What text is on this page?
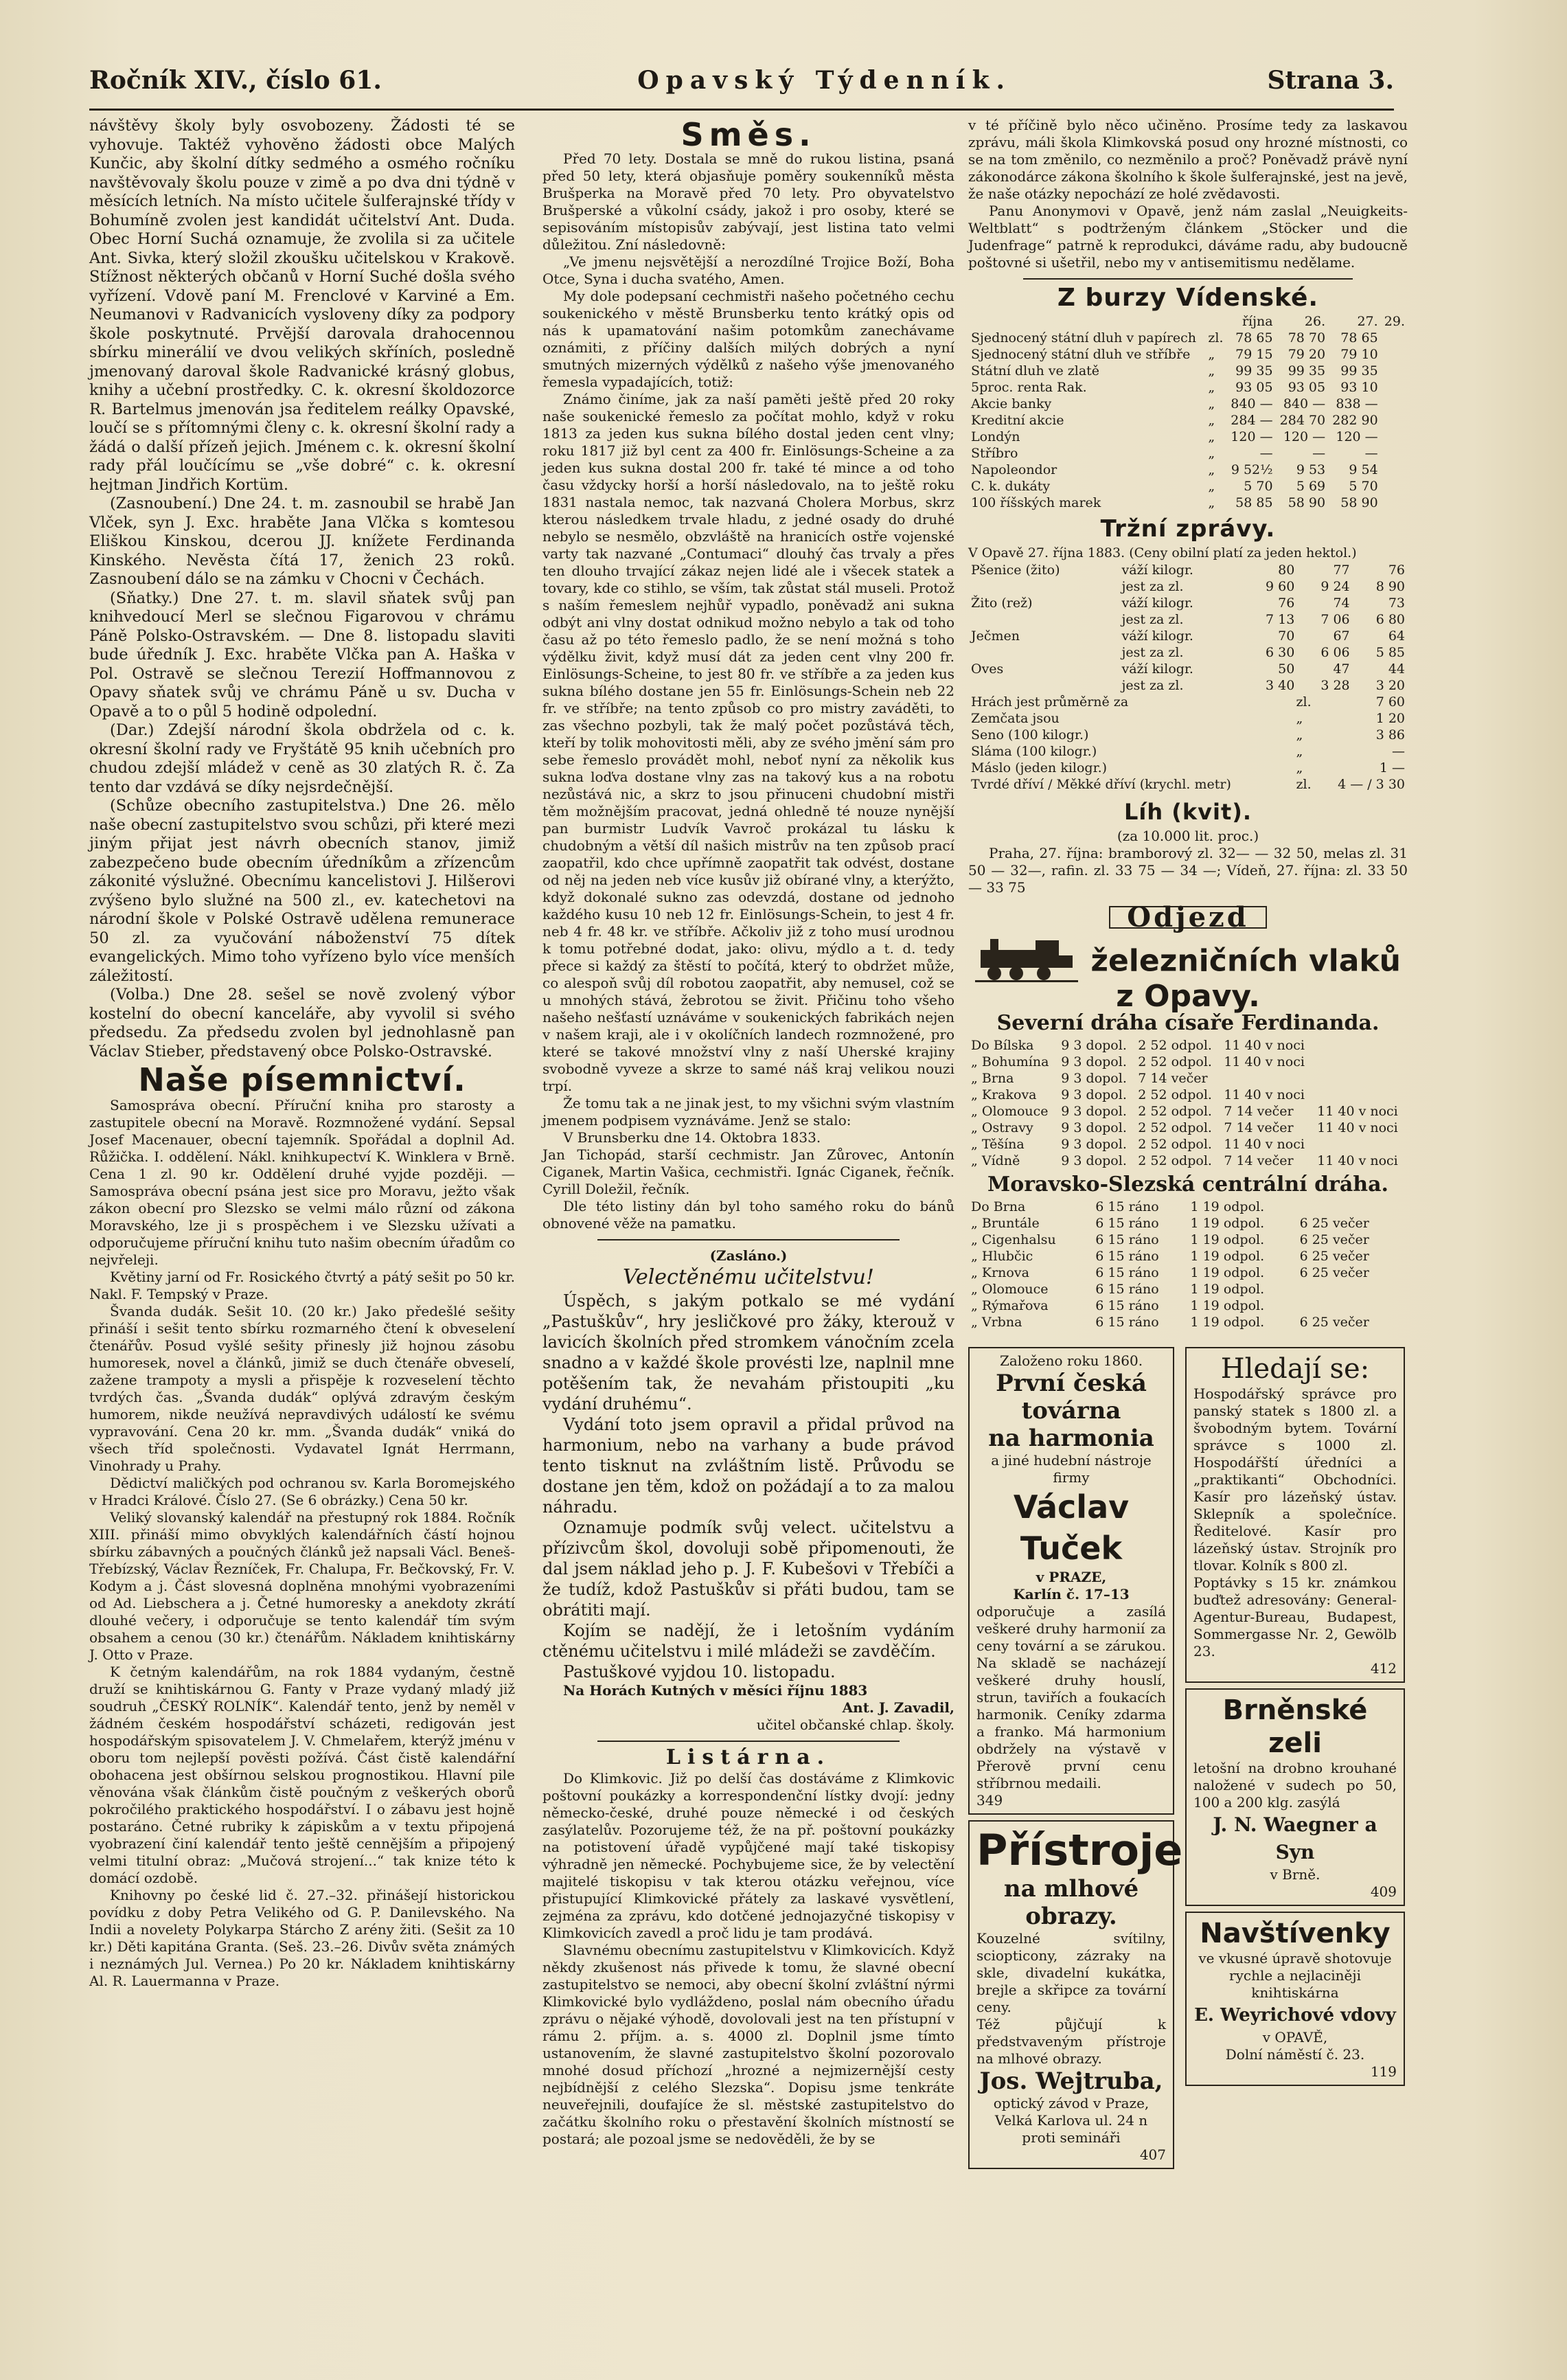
Ročník XIV., číslo 61.	Opavský Týdenník.	Strana 3.

návštěvy školy byly osvobozeny. Žádosti té se vyhovuje. Taktéž vyhověno žádosti obce Malých Kunčic, aby školní dítky sedmého a osmého ročníku navštěvovaly školu pouze v zimě a po dva dni týdně v měsících letních. Na místo učitele šulferajnské třídy v Bohumíně zvolen jest kandidát učitelství Ant. Duda. Obec Horní Suchá oznamuje, že zvolila si za učitele Ant. Sivka, který složil zkoušku učitelskou v Krakově. Stížnost některých občanů v Horní Suché došla svého vyřízení. Vdově paní M. Frenclové v Karviné a Em. Neumanovi v Radvanicích vysloveny díky za podpory škole poskytnuté. Prvější darovala drahocennou sbírku minerálií ve dvou velikých skříních, posledně jmenovaný daroval škole Radvanické krásný globus, knihy a učební prostředky. C. k. okresní školdozorce R. Bartelmus jmenován jsa ředitelem reálky Opavské, loučí se s přítomnými členy c. k. okresní školní rady a žádá o další přízeň jejich. Jménem c. k. okresní školní rady přál loučícímu se „vše dobré“ c. k. okresní hejtman Jindřich Kortüm.

(Zasnoubení.) Dne 24. t. m. zasnoubil se hrabě Jan Vlček, syn J. Exc. hraběte Jana Vlčka s komtesou Eliškou Kinskou, dcerou JJ. knížete Ferdinanda Kinského. Nevěsta čítá 17, ženich 23 roků. Zasnoubení dálo se na zámku v Chocni v Čechách.

(Sňatky.) Dne 27. t. m. slavil sňatek svůj pan knihvedoucí Merl se slečnou Figarovou v chrámu Páně Polsko-Ostravském. — Dne 8. listopadu slaviti bude úředník J. Exc. hraběte Vlčka pan A. Haška v Pol. Ostravě se slečnou Terezií Hoffmannovou z Opavy sňatek svůj ve chrámu Páně u sv. Ducha v Opavě a to o půl 5 hodině odpolední.

(Dar.) Zdejší národní škola obdržela od c. k. okresní školní rady ve Fryštátě 95 knih učebních pro chudou zdejší mládež v ceně as 30 zlatých R. č. Za tento dar vzdává se díky nejsrdečnější.

(Schůze obecního zastupitelstva.) Dne 26. mělo naše obecní zastupitelstvo svou schůzi, při které mezi jiným přijat jest návrh obecních stanov, jimiž zabezpečeno bude obecním úředníkům a zřízencům zákonité výslužné. Obecnímu kancelistovi J. Hilšerovi zvýšeno bylo služné na 500 zl., ev. katechetovi na národní škole v Polské Ostravě udělena remunerace 50 zl. za vyučování náboženství 75 dítek evangelických. Mimo toho vyřízeno bylo více menších záležitostí.

(Volba.) Dne 28. sešel se nově zvolený výbor kostelní do obecní kanceláře, aby vyvolil si svého předsedu. Za předsedu zvolen byl jednohlasně pan Václav Stieber, představený obce Polsko-Ostravské.

Naše písemnictví.

Samospráva obecní. Příruční kniha pro starosty a zastupitele obecní na Moravě. Rozmnožené vydání. Sepsal Josef Macenauer, obecní tajemník. Spořádal a doplnil Ad. Růžička. I. oddělení. Nákl. knihkupectví K. Winklera v Brně. Cena 1 zl. 90 kr. Oddělení druhé vyjde později. — Samospráva obecní psána jest sice pro Moravu, ježto však zákon obecní pro Slezsko se velmi málo různí od zákona Moravského, lze ji s prospěchem i ve Slezsku užívati a odporučujeme příruční knihu tuto našim obecním úřadům co nejvřeleji.

Květiny jarní od Fr. Rosického čtvrtý a pátý sešit po 50 kr. Nakl. F. Tempský v Praze.

Švanda dudák. Sešit 10. (20 kr.) Jako předešlé sešity přináší i sešit tento sbírku rozmarného čtení k obveselení čtenářův. Posud vyšlé sešity přinesly již hojnou zásobu humoresek, novel a článků, jimiž se duch čtenáře obveselí, zažene trampoty a mysli a přispěje k rozveselení těchto tvrdých čas. „Švanda dudák“ oplývá zdravým českým humorem, nikde neužívá nepravdivých událostí ke svému vypravování. Cena 20 kr. mm. „Švanda dudák“ vniká do všech tříd společnosti. Vydavatel Ignát Herrmann, Vinohrady u Prahy.

Dědictví maličkých pod ochranou sv. Karla Boromejského v Hradci Králové. Číslo 27. (Se 6 obrázky.) Cena 50 kr.

Veliký slovanský kalendář na přestupný rok 1884. Ročník XIII. přináší mimo obvyklých kalendářních částí hojnou sbírku zábavných a poučných článků jež napsali Václ. Beneš-Třebízský, Václav Řezníček, Fr. Chalupa, Fr. Bečkovský, Fr. V. Kodym a j. Část slovesná doplněna mnohými vyobrazeními od Ad. Liebschera a j. Četné humoresky a anekdoty zkrátí dlouhé večery, i odporučuje se tento kalendář tím svým obsahem a cenou (30 kr.) čtenářům. Nákladem knihtiskárny J. Otto v Praze.

K četným kalendářům, na rok 1884 vydaným, čestně druží se knihtiskárnou G. Fanty v Praze vydaný mladý již soudruh „ČESKÝ ROLNÍK“. Kalendář tento, jenž by neměl v žádném českém hospodářství scházeti, redigován jest hospodářským spisovatelem J. V. Chmelařem, kterýž jménu v oboru tom nejlepší pověsti požívá. Část čistě kalendářní obohacena jest obšírnou selskou prognostikou. Hlavní pile věnována však článkům čistě poučným z veškerých oborů pokročilého praktického hospodářství. I o zábavu jest hojně postaráno. Četné rubriky k zápiskům a v textu připojená vyobrazení činí kalendář tento ještě cennějším a připojený velmi titulní obraz: „Mučová strojení...“ tak knize této k domácí ozdobě.

Knihovny po české lid č. 27.–32. přinášejí historickou povídku z doby Petra Velikého od G. P. Danilevského. Na Indii a novelety Polykarpa Stárcho Z arény žiti. (Sešit za 10 kr.) Děti kapitána Granta. (Seš. 23.–26. Divův světa známých i neznámých Jul. Vernea.) Po 20 kr. Nákladem knihtiskárny Al. R. Lauermanna v Praze.

Směs.

Před 70 lety. Dostala se mně do rukou listina, psaná před 50 lety, která objasňuje poměry soukenníků města Brušperka na Moravě před 70 lety. Pro obyvatelstvo Brušperské a vůkolní csády, jakož i pro osoby, které se sepisováním místopisův zabývají, jest listina tato velmi důležitou. Zní následovně:

„Ve jmenu nejsvětější a nerozdílné Trojice Boží, Boha Otce, Syna i ducha svatého, Amen.

My dole podepsaní cechmistři našeho početného cechu soukenického v městě Brunsberku tento krátký opis od nás k upamatování našim potomkům zanechávame oznámiti, z příčiny dalších milých dobrých a nyní smutných mizerných výdělků z našeho výše jmenovaného řemesla vypadajících, totiž:

Známo činíme, jak za naší paměti ještě před 20 roky naše soukenické řemeslo za počítat mohlo, když v roku 1813 za jeden kus sukna bílého dostal jeden cent vlny; roku 1817 již byl cent za 400 fr. Einlösungs-Scheine a za jeden kus sukna dostal 200 fr. také té mince a od toho času vždycky horší a horší následovalo, na to ještě roku 1831 nastala nemoc, tak nazvaná Cholera Morbus, skrz kterou následkem trvale hladu, z jedné osady do druhé nebylo se nesmělo, obzvláště na hranicích ostře vojenské varty tak nazvané „Contumaci“ dlouhý čas trvaly a přes ten dlouho trvající zákaz nejen lidé ale i všecek statek a tovary, kde co stihlo, se vším, tak zůstat stál museli. Protož s naším řemeslem nejhůř vypadlo, poněvadž ani sukna odbýt ani vlny dostat odnikud možno nebylo a tak od toho času až po této řemeslo padlo, že se není možná s toho výdělku živit, když musí dát za jeden cent vlny 200 fr. Einlösungs-Scheine, to jest 80 fr. ve stříbře a za jeden kus sukna bílého dostane jen 55 fr. Einlösungs-Schein neb 22 fr. ve stříbře; na tento způsob co pro mistry zaváděti, to zas všechno pozbyli, tak že malý počet pozůstává těch, kteří by tolik mohovitosti měli, aby ze svého jmění sám pro sebe řemeslo provádět mohl, neboť nyní za několik kus sukna loďva dostane vlny zas na takový kus a na robotu nezůstává nic, a skrz to jsou přinuceni chudobní mistři těm možnějším pracovat, jedná ohledně té nouze nynější pan burmistr Ludvík Vavroč prokázal tu lásku k chudobným a větší díl našich mistrův na ten způsob prací zaopatřil, kdo chce upřímně zaopatřit tak odvést, dostane od něj na jeden neb více kusův již obírané vlny, a kterýžto, když dokonalé sukno zas odevzdá, dostane od jednoho každého kusu 10 neb 12 fr. Einlösungs-Schein, to jest 4 fr. neb 4 fr. 48 kr. ve stříbře. Ačkoliv již z toho musí urodnou k tomu potřebné dodat, jako: olivu, mýdlo a t. d. tedy přece si každý za štěstí to počítá, který to obdržet může, co alespoň svůj díl robotou zaopatřit, aby nemusel, což se u mnohých stává, žebrotou se živit. Přičinu toho všeho našeho nešťastí uznáváme v soukenických fabrikách nejen v našem kraji, ale i v okolíčních landech rozmnožené, pro které se takové množství vlny z naší Uherské krajiny svobodně vyveze a skrze to samé náš kraj velikou nouzi trpí.

Že tomu tak a ne jinak jest, to my všichni svým vlastním jmenem podpisem vyznáváme. Jenž se stalo:

V Brunsberku dne 14. Oktobra 1833.

Jan Tichopád, starší cechmistr. Jan Zůrovec, Antonín Ciganek, Martin Vašica, cechmistři. Ignác Ciganek, řečník. Cyrill Doležil, řečník.

Dle této listiny dán byl toho samého roku do bánů obnovené věže na pamatku.

(Zasláno.)

Velectěnému učitelstvu!

Úspěch, s jakým potkalo se mé vydání „Pastuškův“, hry jesličkové pro žáky, kterouž v lavicích školních před stromkem vánočním zcela snadno a v každé škole provésti lze, naplnil mne potěšením tak, že nevahám přistoupiti „ku vydání druhému“.

Vydání toto jsem opravil a přidal průvod na harmonium, nebo na varhany a bude právod tento tisknut na zvláštním listě. Průvodu se dostane jen těm, kdož on požádají a to za malou náhradu.

Oznamuje podmík svůj velect. učitelstvu a přízivcům škol, dovoluji sobě připomenouti, že dal jsem náklad jeho p. J. F. Kubešovi v Třebíči a že tudíž, kdož Pastuškův si přáti budou, tam se obrátiti mají.

Kojím se nadějí, že i letošním vydáním ctěnému učitelstvu i milé mládeži se zavděčím.

Pastuškové vyjdou 10. listopadu.

Na Horách Kutných v měsíci říjnu 1883

Ant. J. Zavadil,

učitel občanské chlap. školy.

Listárna.

Do Klimkovic. Již po delší čas dostáváme z Klimkovic poštovní poukázky a korrespondenční lístky dvojí: jedny německo-české, druhé pouze německé i od českých zasýlatelův. Pozorujeme též, že na př. poštovní poukázky na potistovení úřadě vypůjčené mají také tiskopisy výhradně jen německé. Pochybujeme sice, že by velectění majitelé tiskopisu v tak kterou otázku veřejnou, více přistupující Klimkovické přátely za laskavé vysvětlení, zejména za zprávu, kdo dotčené jednojazyčné tiskopisy v Klimkovicích zavedl a proč lidu je tam prodává.

Slavnému obecnímu zastupitelstvu v Klimkovicích. Když někdy zkušenost nás přivede k tomu, že slavné obecní zastupitelstvo se nemoci, aby obecní školní zvláštní nýrmi Klimkovické bylo vydláždeno, poslal nám obecního úřadu zprávu o nějaké výhodě, dovolovali jest na ten přístupní v rámu 2. příjm. a. s. 4000 zl. Doplnil jsme tímto ustanovením, že slavné zastupitelstvo školní pozorovalo mnohé dosud příchozí „hrozné a nejmizernější cesty nejbídnější z celého Slezska“. Dopisu jsme tenkráte neuveřejnili, doufajíce že sl. městské zastupitelstvo do začátku školního roku o přestavění školních místností se postará; ale pozoal jsme se nedověděli, že by se

v té příčině bylo něco učiněno. Prosíme tedy za laskavou zprávu, máli škola Klimkovská posud ony hrozné místnosti, co se na tom změnilo, co nezměnilo a proč? Poněvadž právě nyní zákonodárce zákona školního k škole šulferajnské, jest na jevě, že naše otázky nepochází ze holé zvědavosti.

Panu Anonymovi v Opavě, jenž nám zaslal „Neuigkeits-Weltblatt“ s podtrženým článkem „Stöcker und die Judenfrage“ patrně k reprodukci, dáváme radu, aby budoucně poštovné si ušetřil, nebo my v antisemitismu nedělame.

Z burzy Vídenské.
		října	26.	27.	29.
Sjednocený státní dluh v papírech	zl.	78 65	78 70	78 65	
Sjednocený státní dluh ve stříbře	„	79 15	79 20	79 10	
Státní dluh ve zlatě	„	99 35	99 35	99 35	
5proc. renta Rak.	„	93 05	93 05	93 10	
Akcie banky	„	840 —	840 —	838 —	
Kreditní akcie	„	284 —	284 70	282 90	
Londýn	„	120 —	120 —	120 —	
Stříbro	„	—	—	—	
Napoleondor	„	9 52½	9 53	9 54	
C. k. dukáty	„	5 70	5 69	5 70	
100 říšských marek	„	58 85	58 90	58 90	
Tržní zprávy.

V Opavě 27. října 1883. (Ceny obilní platí za jeden hektol.)

Pšenice (žito)	váží kilogr.	80	77	76
	jest za zl.	9 60	9 24	8 90
Žito (rež)	váží kilogr.	76	74	73
	jest za zl.	7 13	7 06	6 80
Ječmen	váží kilogr.	70	67	64
	jest za zl.	6 30	6 06	5 85
Oves	váží kilogr.	50	47	44
	jest za zl.	3 40	3 28	3 20
Hrách jest průměrně za	zl.	7 60
Zemčata jsou	„	1 20
Seno (100 kilogr.)	„	3 86
Sláma (100 kilogr.)	„	—
Máslo (jeden kilogr.)	„	1 —
Tvrdé dříví / Měkké dříví (krychl. metr)	zl.	4 — / 3 30
Líh (kvit).

(za 10.000 lit. proc.)

Praha, 27. října: bramborový zl. 32— — 32 50, melas zl. 31 50 — 32—, rafin. zl. 33 75 — 34 —; Vídeň, 27. října: zl. 33 50 — 33 75

Odjezd
železničních vlaků z Opavy.
Severní dráha císaře Ferdinanda.
Do Bílska	9 3 dopol.	2 52 odpol.	11 40 v noci	
„ Bohumína	9 3 dopol.	2 52 odpol.	11 40 v noci	
„ Brna	9 3 dopol.	7 14 večer		
„ Krakova	9 3 dopol.	2 52 odpol.	11 40 v noci	
„ Olomouce	9 3 dopol.	2 52 odpol.	7 14 večer	11 40 v noci
„ Ostravy	9 3 dopol.	2 52 odpol.	7 14 večer	11 40 v noci
„ Těšína	9 3 dopol.	2 52 odpol.	11 40 v noci	
„ Vídně	9 3 dopol.	2 52 odpol.	7 14 večer	11 40 v noci
Moravsko-Slezská centrální dráha.
Do Brna	6 15 ráno	1 19 odpol.		
„ Bruntále	6 15 ráno	1 19 odpol.	6 25 večer	
„ Cigenhalsu	6 15 ráno	1 19 odpol.	6 25 večer	
„ Hlubčic	6 15 ráno	1 19 odpol.	6 25 večer	
„ Krnova	6 15 ráno	1 19 odpol.	6 25 večer	
„ Olomouce	6 15 ráno	1 19 odpol.		
„ Rýmařova	6 15 ráno	1 19 odpol.		
„ Vrbna	6 15 ráno	1 19 odpol.	6 25 večer	
Založeno roku 1860.
První česká továrna
na harmonia
a jiné hudební nástroje
firmy
Václav Tuček
v PRAZE,
Karlín č. 17–13
odporučuje a zasílá veškeré druhy harmonií za ceny tovární a se zárukou. Na skladě se nacházejí veškeré druhy houslí, strun, taviřích a foukacích harmonik. Ceníky zdarma a franko. Má harmonium obdržely na výstavě v Přerově první cenu stříbrnou medaili.
349
Přístroje
na mlhové obrazy.
Kouzelné svítilny, sciopticony, zázraky na skle, divadelní kukátka, brejle a skřipce za tovární ceny.
Též půjčují k předstvaveným přístroje na mlhové obrazy.
Jos. Wejtruba,
optický závod v Praze, Velká Karlova ul. 24 n proti semináři
407
Hledají se:
Hospodářský správce pro panský statek s 1800 zl. a švobodným bytem. Tovární správce s 1000 zl. Hospodářští úředníci a „praktikanti“ Obchodníci. Kasír pro lázeňský ústav. Sklepník a společníce. Ředitelové. Kasír pro lázeňský ústav. Strojník pro tlovar. Kolník s 800 zl.
Poptávky s 15 kr. známkou buďtež adresovány: General-Agentur-Bureau, Budapest, Sommergasse Nr. 2, Gewölb 23.
412
Brněnské zeli
letošní na drobno krouhané naložené v sudech po 50, 100 a 200 klg. zasýlá
J. N. Waegner a Syn
v Brně.
409
Navštívenky
ve vkusné úpravě shotovuje rychle a nejlaciněji knihtiskárna
E. Weyrichové vdovy
v OPAVĚ,
Dolní náměstí č. 23.
119
